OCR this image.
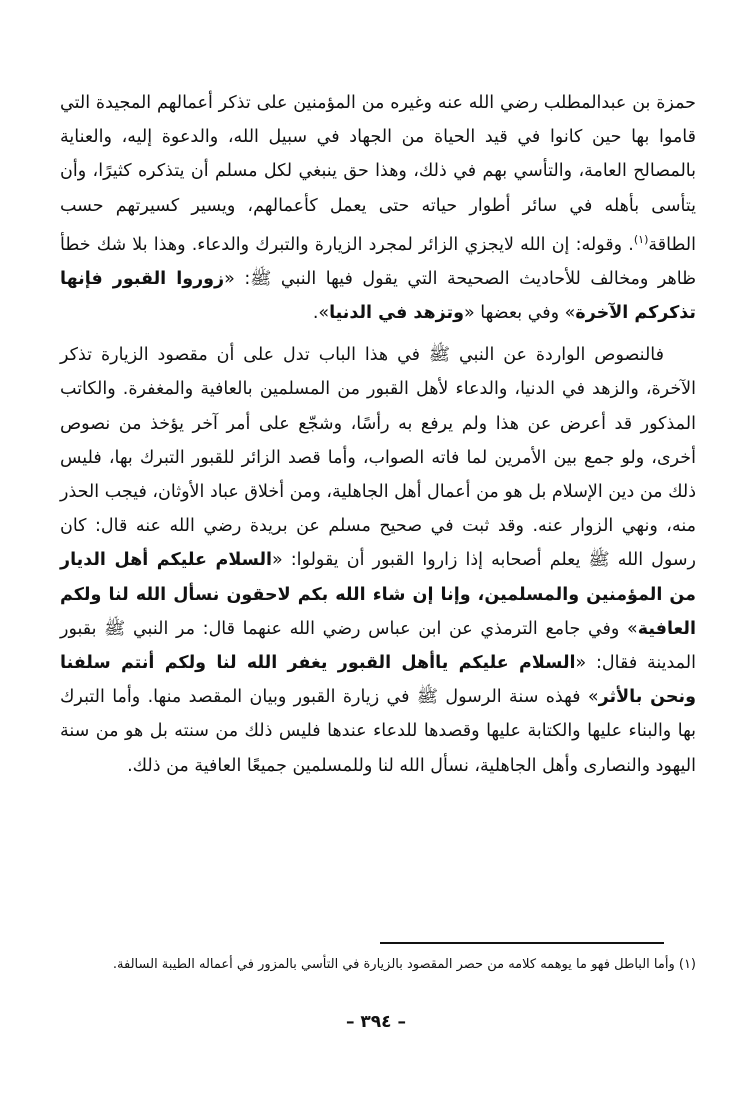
حمزة بن عبدالمطلب رضي الله عنه وغيره من المؤمنين على تذكر أعمالهم المجيدة التي قاموا بها حين كانوا في قيد الحياة من الجهاد في سبيل الله، والدعوة إليه، والعناية بالمصالح العامة، والتأسي بهم في ذلك، وهذا حق ينبغي لكل مسلم أن يتذكره كثيرًا، وأن يتأسى بأهله في سائر أطوار حياته حتى يعمل كأعمالهم، ويسير كسيرتهم حسب الطاقة$^{(١)}$. وقوله: إن الله لايجزي الزائر لمجرد الزيارة والتبرك والدعاء. وهذا بلا شك خطأ ظاهر ومخالف للأحاديث الصحيحة التي يقول فيها النبي ﷺ: «زوروا القبور فإنها تذكركم الآخرة» وفي بعضها «وتزهد في الدنيا».

فالنصوص الواردة عن النبي ﷺ في هذا الباب تدل على أن مقصود الزيارة تذكر الآخرة، والزهد في الدنيا، والدعاء لأهل القبور من المسلمين بالعافية والمغفرة. والكاتب المذكور قد أعرض عن هذا ولم يرفع به رأسًا، وشجّع على أمر آخر يؤخذ من نصوص أخرى، ولو جمع بين الأمرين لما فاته الصواب، وأما قصد الزائر للقبور التبرك بها، فليس ذلك من دين الإسلام بل هو من أعمال أهل الجاهلية، ومن أخلاق عباد الأوثان، فيجب الحذر منه، ونهي الزوار عنه. وقد ثبت في صحيح مسلم عن بريدة رضي الله عنه قال: كان رسول الله ﷺ يعلم أصحابه إذا زاروا القبور أن يقولوا: «السلام عليكم أهل الديار من المؤمنين والمسلمين، وإنا إن شاء الله بكم لاحقون نسأل الله لنا ولكم العافية» وفي جامع الترمذي عن ابن عباس رضي الله عنهما قال: مر النبي ﷺ بقبور المدينة فقال: «السلام عليكم ياأهل القبور يغفر الله لنا ولكم أنتم سلفنا ونحن بالأثر» فهذه سنة الرسول ﷺ في زيارة القبور وبيان المقصد منها. وأما التبرك بها والبناء عليها والكتابة عليها وقصدها للدعاء عندها فليس ذلك من سنته بل هو من سنة اليهود والنصارى وأهل الجاهلية، نسأل الله لنا وللمسلمين جميعًا العافية من ذلك.

(١) وأما الباطل فهو ما يوهمه كلامه من حصر المقصود بالزيارة في التأسي بالمزور في أعماله الطيبة السالفة.

– ٣٩٤ –
